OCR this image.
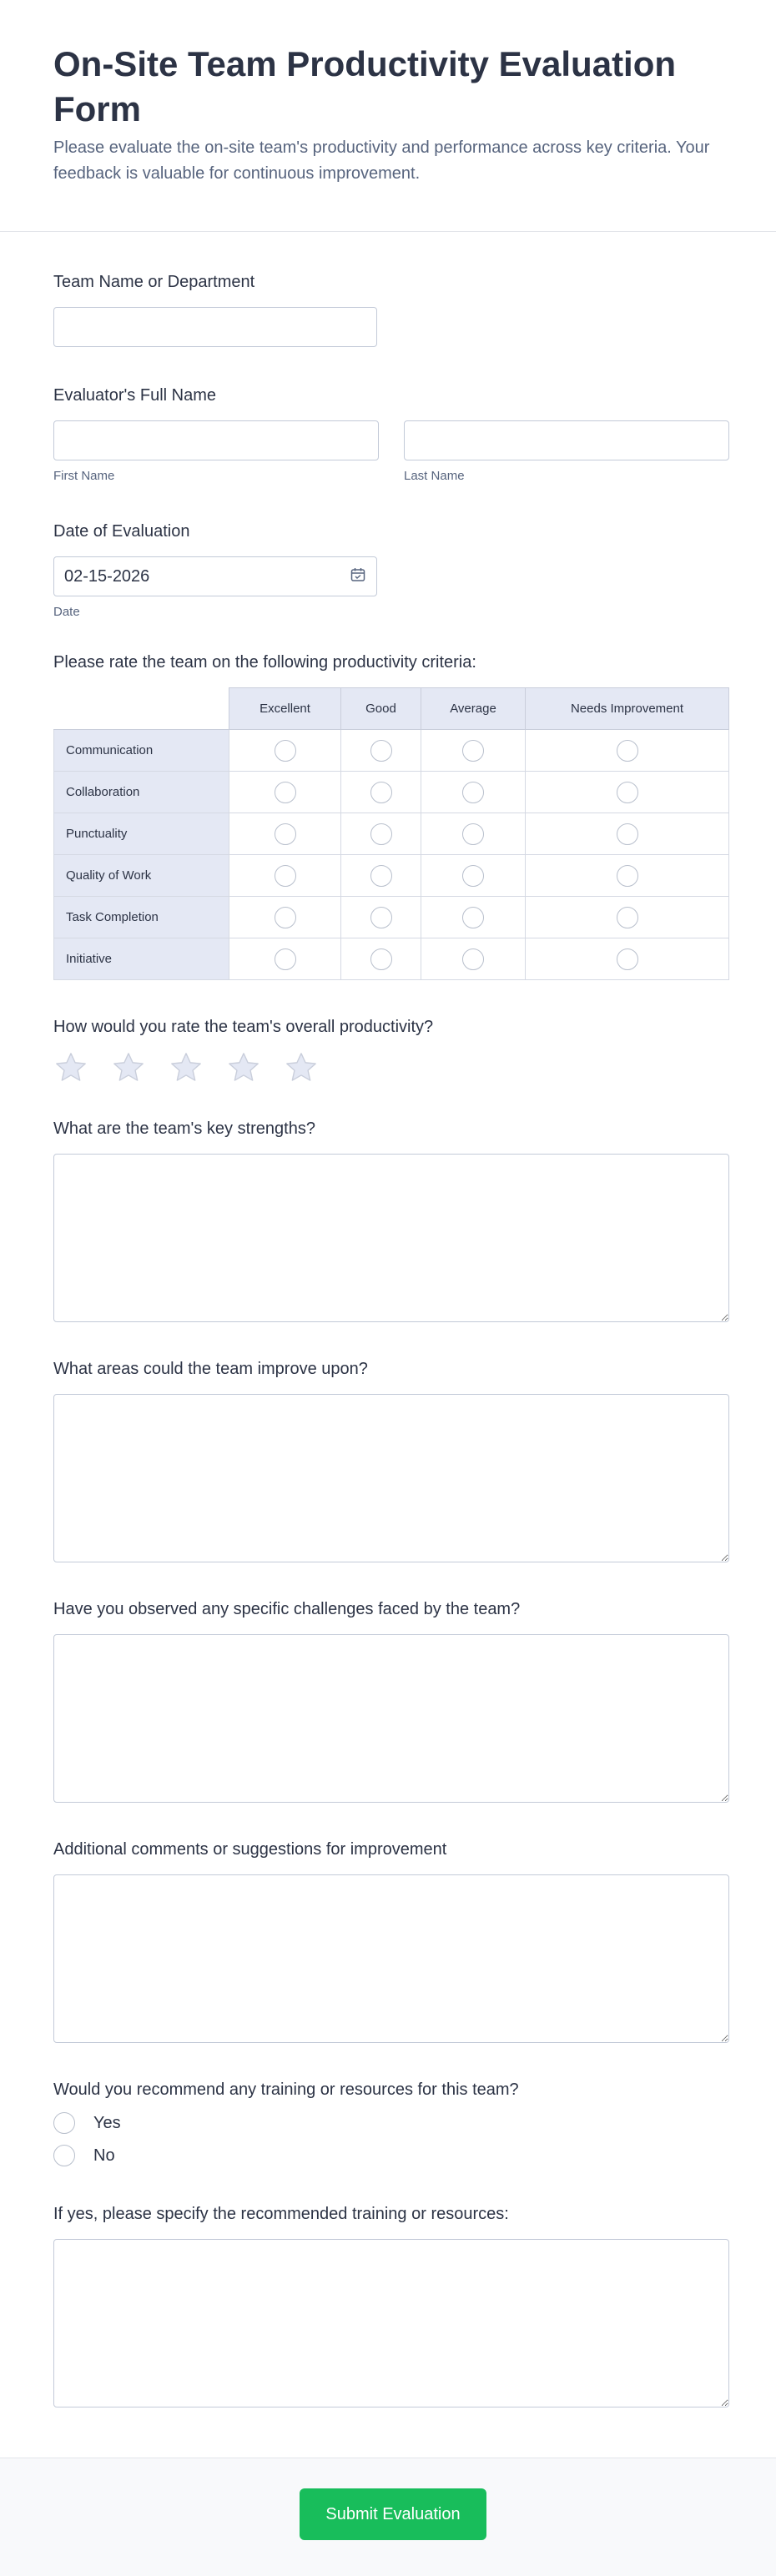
On-Site Team Productivity Evaluation Form

Please evaluate the on-site team's productivity and performance across key criteria. Your feedback is valuable for continuous improvement.

Team Name or Department
Evaluator's Full Name
First Name	Last Name
Date of Evaluation
02-15-2026
Date
Please rate the team on the following productivity criteria:
	Excellent	Good	Average	Needs Improvement
Communication				
Collaboration				
Punctuality				
Quality of Work				
Task Completion				
Initiative				
How would you rate the team's overall productivity?
What are the team's key strengths?
What areas could the team improve upon?
Have you observed any specific challenges faced by the team?
Additional comments or suggestions for improvement
Would you recommend any training or resources for this team?
Yes
No
If yes, please specify the recommended training or resources:
Submit Evaluation
